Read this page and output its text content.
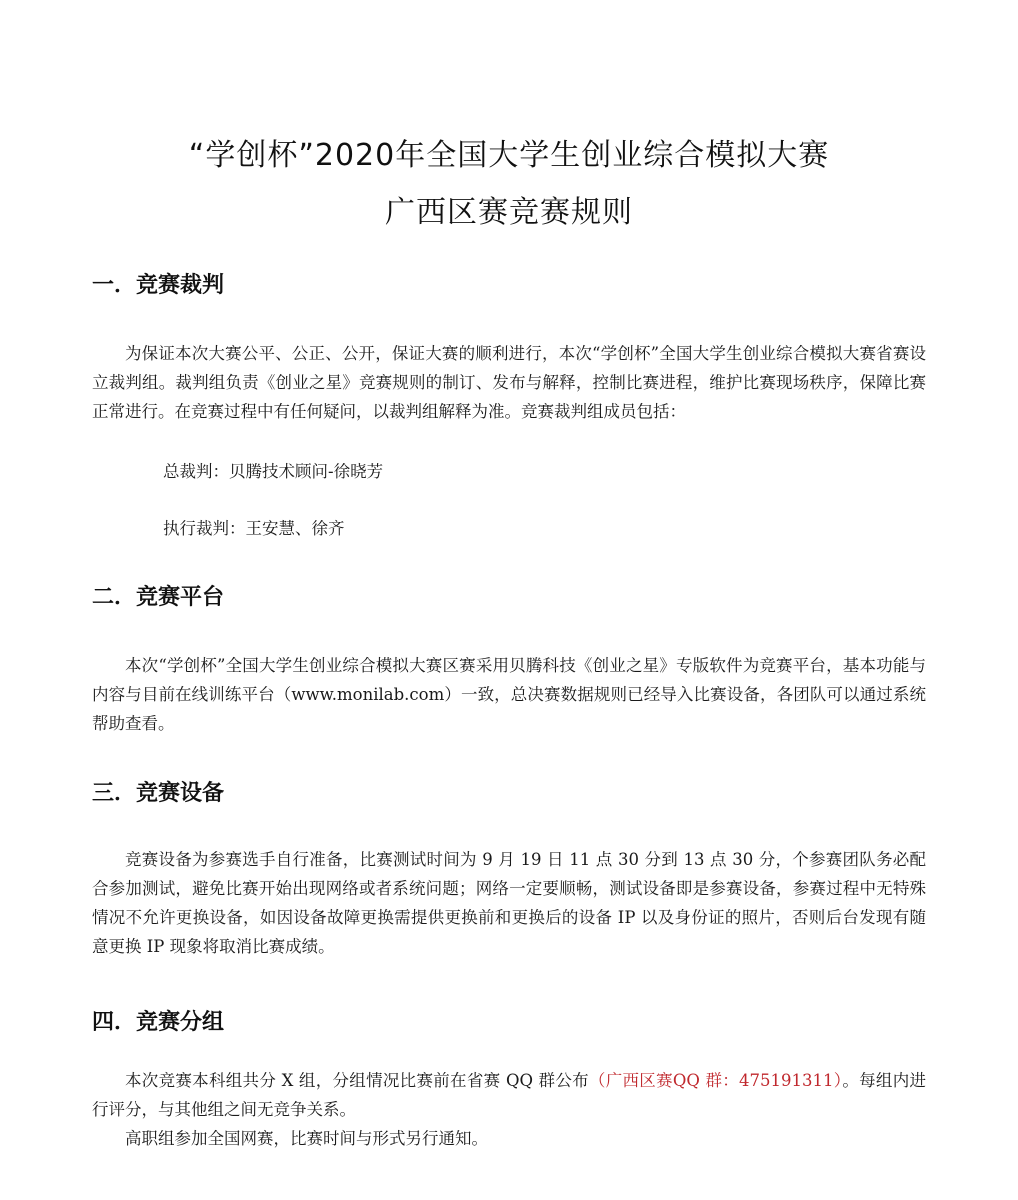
“学创杯”2020年全国大学生创业综合模拟大赛
广西区赛竞赛规则
一．竞赛裁判
为保证本次大赛公平、公正、公开，保证大赛的顺利进行，本次“学创杯”全国大学生创业综合模拟大赛省赛设立裁判组。裁判组负责《创业之星》竞赛规则的制订、发布与解释，控制比赛进程，维护比赛现场秩序，保障比赛正常进行。在竞赛过程中有任何疑问，以裁判组解释为准。竞赛裁判组成员包括：
总裁判：贝腾技术顾问-徐晓芳
执行裁判：王安慧、徐齐
二．竞赛平台
本次“学创杯”全国大学生创业综合模拟大赛区赛采用贝腾科技《创业之星》专版软件为竞赛平台，基本功能与内容与目前在线训练平台（www.monilab.com）一致，总决赛数据规则已经导入比赛设备，各团队可以通过系统帮助查看。
三．竞赛设备
竞赛设备为参赛选手自行准备，比赛测试时间为 9 月 19 日 11 点 30 分到 13 点 30 分，个参赛团队务必配合参加测试，避免比赛开始出现网络或者系统问题；网络一定要顺畅，测试设备即是参赛设备，参赛过程中无特殊情况不允许更换设备，如因设备故障更换需提供更换前和更换后的设备 IP 以及身份证的照片，否则后台发现有随意更换 IP 现象将取消比赛成绩。
四．竞赛分组
本次竞赛本科组共分 X 组，分组情况比赛前在省赛 QQ 群公布（广西区赛QQ 群：475191311）。每组内进行评分，与其他组之间无竞争关系。
高职组参加全国网赛，比赛时间与形式另行通知。
